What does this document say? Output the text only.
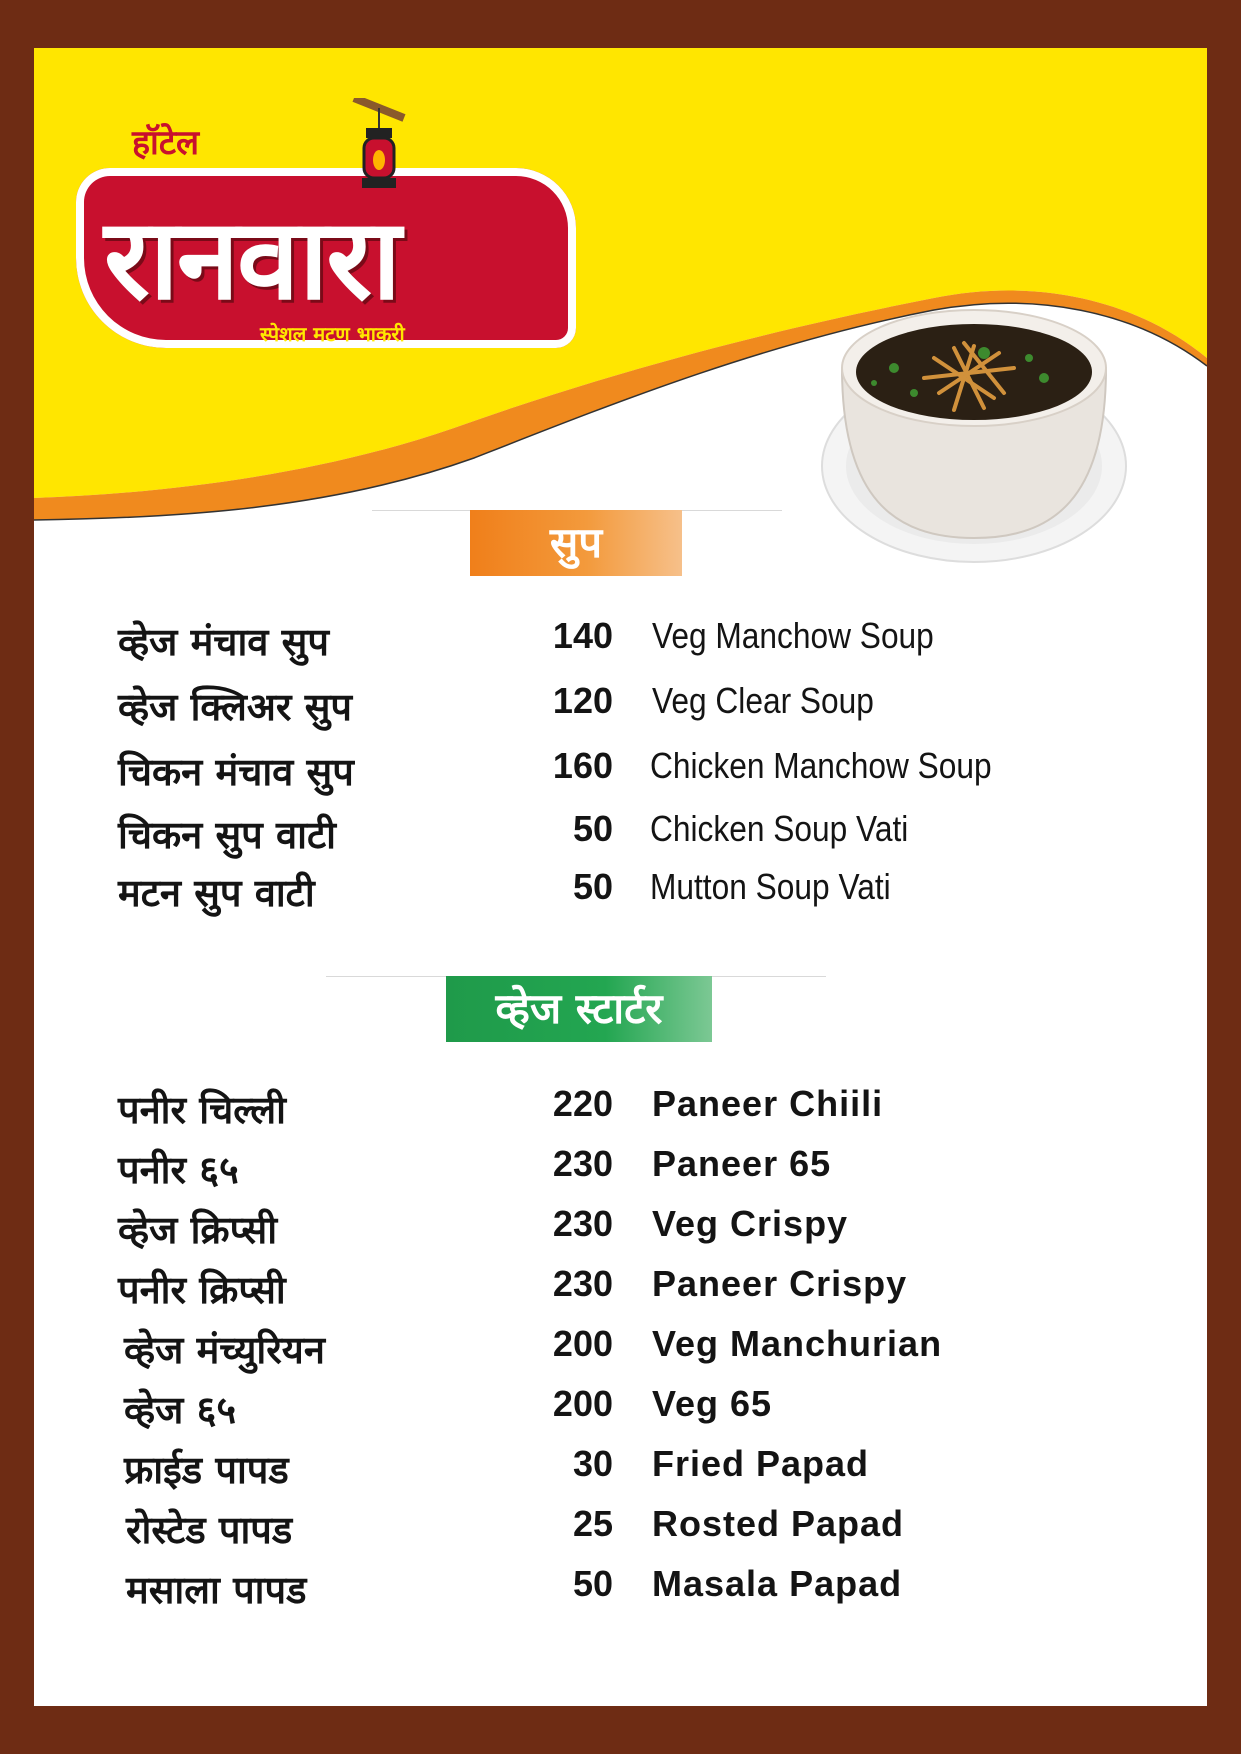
हॉटेल
रानवारा
स्पेशल मटण भाकरी
सुप
व्हेज मंचाव सुप	140 Veg Manchow Soup
व्हेज क्लिअर सुप	120 Veg Clear Soup
चिकन मंचाव सुप	160 Chicken Manchow Soup
चिकन सुप वाटी	50 Chicken Soup Vati
मटन सुप वाटी	50 Mutton Soup Vati
व्हेज स्टार्टर
पनीर चिल्ली	220 Paneer Chiili
पनीर ६५	230 Paneer 65
व्हेज क्रिप्सी	230 Veg Crispy
पनीर क्रिप्सी	230 Paneer Crispy
व्हेज मंच्युरियन	200 Veg Manchurian
व्हेज ६५	200 Veg 65
फ्राईड पापड	30 Fried Papad
रोस्टेड पापड	25 Rosted Papad
मसाला पापड	50 Masala Papad
